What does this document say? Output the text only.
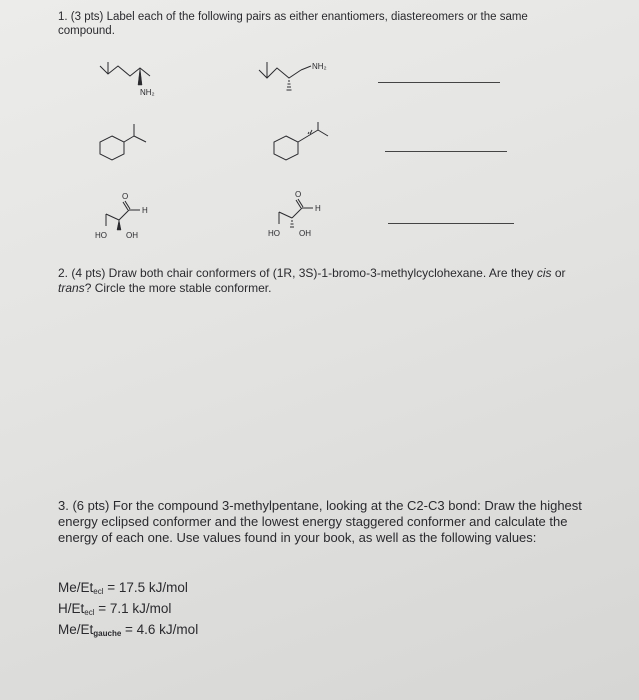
1. (3 pts) Label each of the following pairs as either enantiomers, diastereomers or the same compound.
NH₂
NH₂
O
H
HO OH
O
H
HO OH
2. (4 pts) Draw both chair conformers of (1R, 3S)-1-bromo-3-methylcyclohexane. Are they cis or trans? Circle the more stable conformer.
3. (6 pts) For the compound 3-methylpentane, looking at the C2-C3 bond: Draw the highest energy eclipsed conformer and the lowest energy staggered conformer and calculate the energy of each one. Use values found in your book, as well as the following values:
$Me/Et_{ecl} = 17.5$ kJ/mol
$H/Et_{ecl} = 7.1$ kJ/mol
$Me/Et_{gauche} = 4.6$ kJ/mol
